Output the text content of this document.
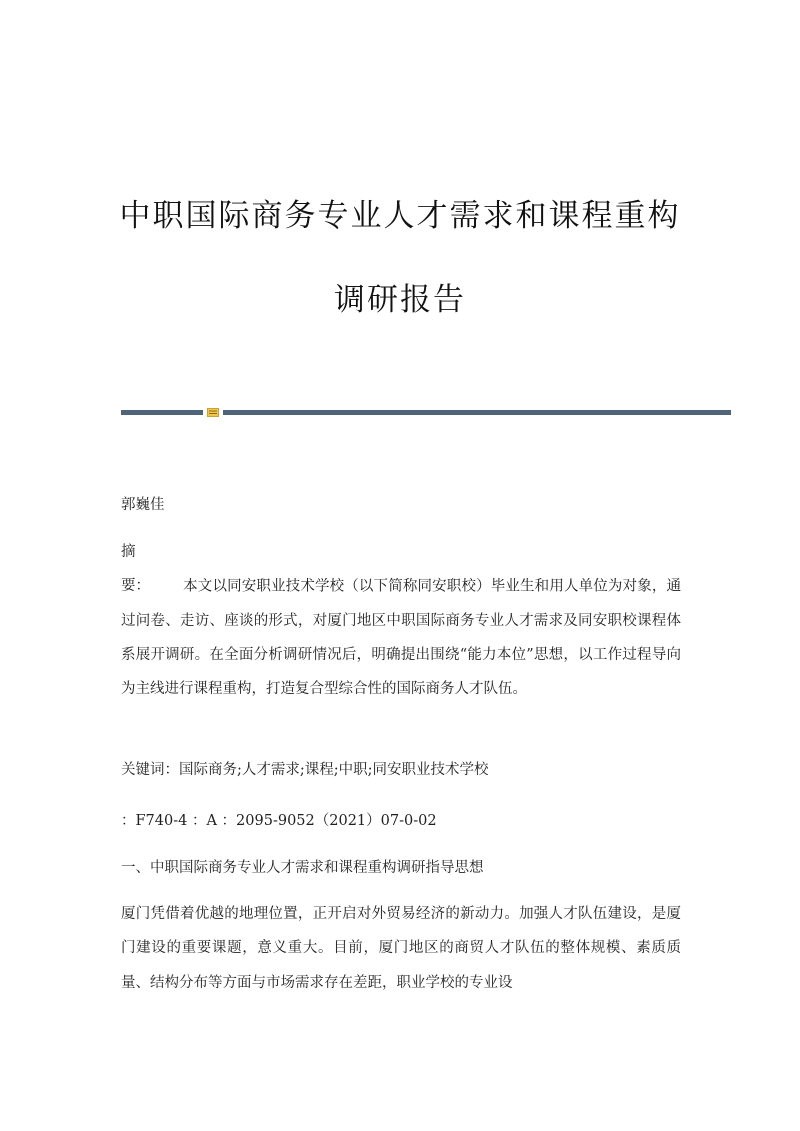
中职国际商务专业人才需求和课程重构
调研报告
郭巍佳

摘　　要： 本文以同安职业技术学校（以下简称同安职校）毕业生和用人单位为对象，通过问卷、走访、座谈的形式，对厦门地区中职国际商务专业人才需求及同安职校课程体系展开调研。在全面分析调研情况后，明确提出围绕“能力本位”思想，以工作过程导向为主线进行课程重构，打造复合型综合性的国际商务人才队伍。

关键词：国际商务;人才需求;课程;中职;同安职业技术学校
：F740-4 ：A ：2095-9052（2021）07-0-02
一、中职国际商务专业人才需求和课程重构调研指导思想

厦门凭借着优越的地理位置，正开启对外贸易经济的新动力。加强人才队伍建设，是厦门建设的重要课题，意义重大。目前，厦门地区的商贸人才队伍的整体规模、素质质量、结构分布等方面与市场需求存在差距，职业学校的专业设
